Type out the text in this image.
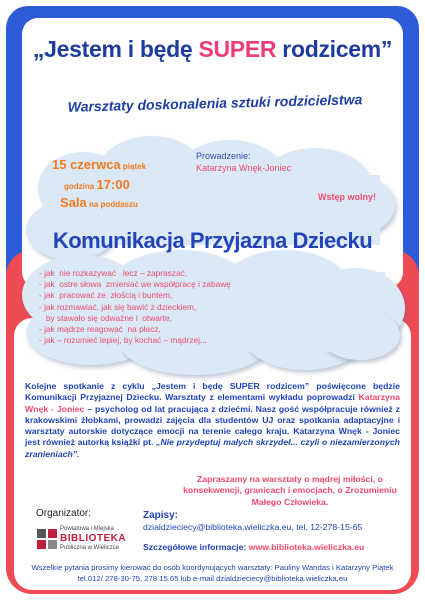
„Jestem i będę SUPER rodzicem”
Warsztaty doskonalenia sztuki rodzicielstwa
15 czerwca piątek
godzina 17:00
Sala na poddaszu
Prowadzenie:
Katarzyna Wnęk-Joniec
Wstęp wolny!
Komunikacja Przyjazna Dziecku
- jak  nie rozkazywać   lecz – zapraszać,
- jak  ostre słowa  zmieniać we współpracę i zabawę
- jak  pracować ze  złością i buntem,
- jak rozmawiać, jak się bawić z dzieckiem,
by stawało się odważne i  otwarte,
- jak mądrze reagować  na płacz,
- jak – rozumieć lepiej, by kochać – mądrzej...
Kolejne spotkanie z cyklu „Jestem i będę SUPER rodzicem” poświęcone będzie Komunikacji Przyjaznej Dziecku. Warsztaty z elementami wykładu poprowadzi Katarzyna Wnęk - Joniec – psycholog od lat pracująca z dziećmi. Nasz gość współpracuje również z krakowskimi żłobkami, prowadzi zajęcia dla studentów UJ oraz spotkania adaptacyjne i warsztaty autorskie dotyczące emocji na terenie całego kraju. Katarzyna Wnęk - Joniec jest również autorką książki pt. „Nie przydeptuj małych skrzydeł... czyli o niezamierzonych zranieniach”.
Zapraszamy na warsztaty o mądrej miłości, o konsekwencji, granicach i emocjach, o Zrozumieniu Małego Człowieka.
Organizator:
Powiatowa i Miejska
BIBLIOTEKA
Publiczna w Wieliczce
Zapisy:
dzialdzieciecy@biblioteka.wieliczka.eu, tel. 12-278-15-65
Szczegółowe informacje: www.biblioteka.wieliczka.eu
Wszelkie pytania prosimy kierować do osób koordynujących warsztaty: Pauliny Wandas i Katarzyny Piątek
tel.012/ 278-30-75, 278 15 65 lub e-mail dzialdzieciecy@biblioteka.wieliczka.eu
